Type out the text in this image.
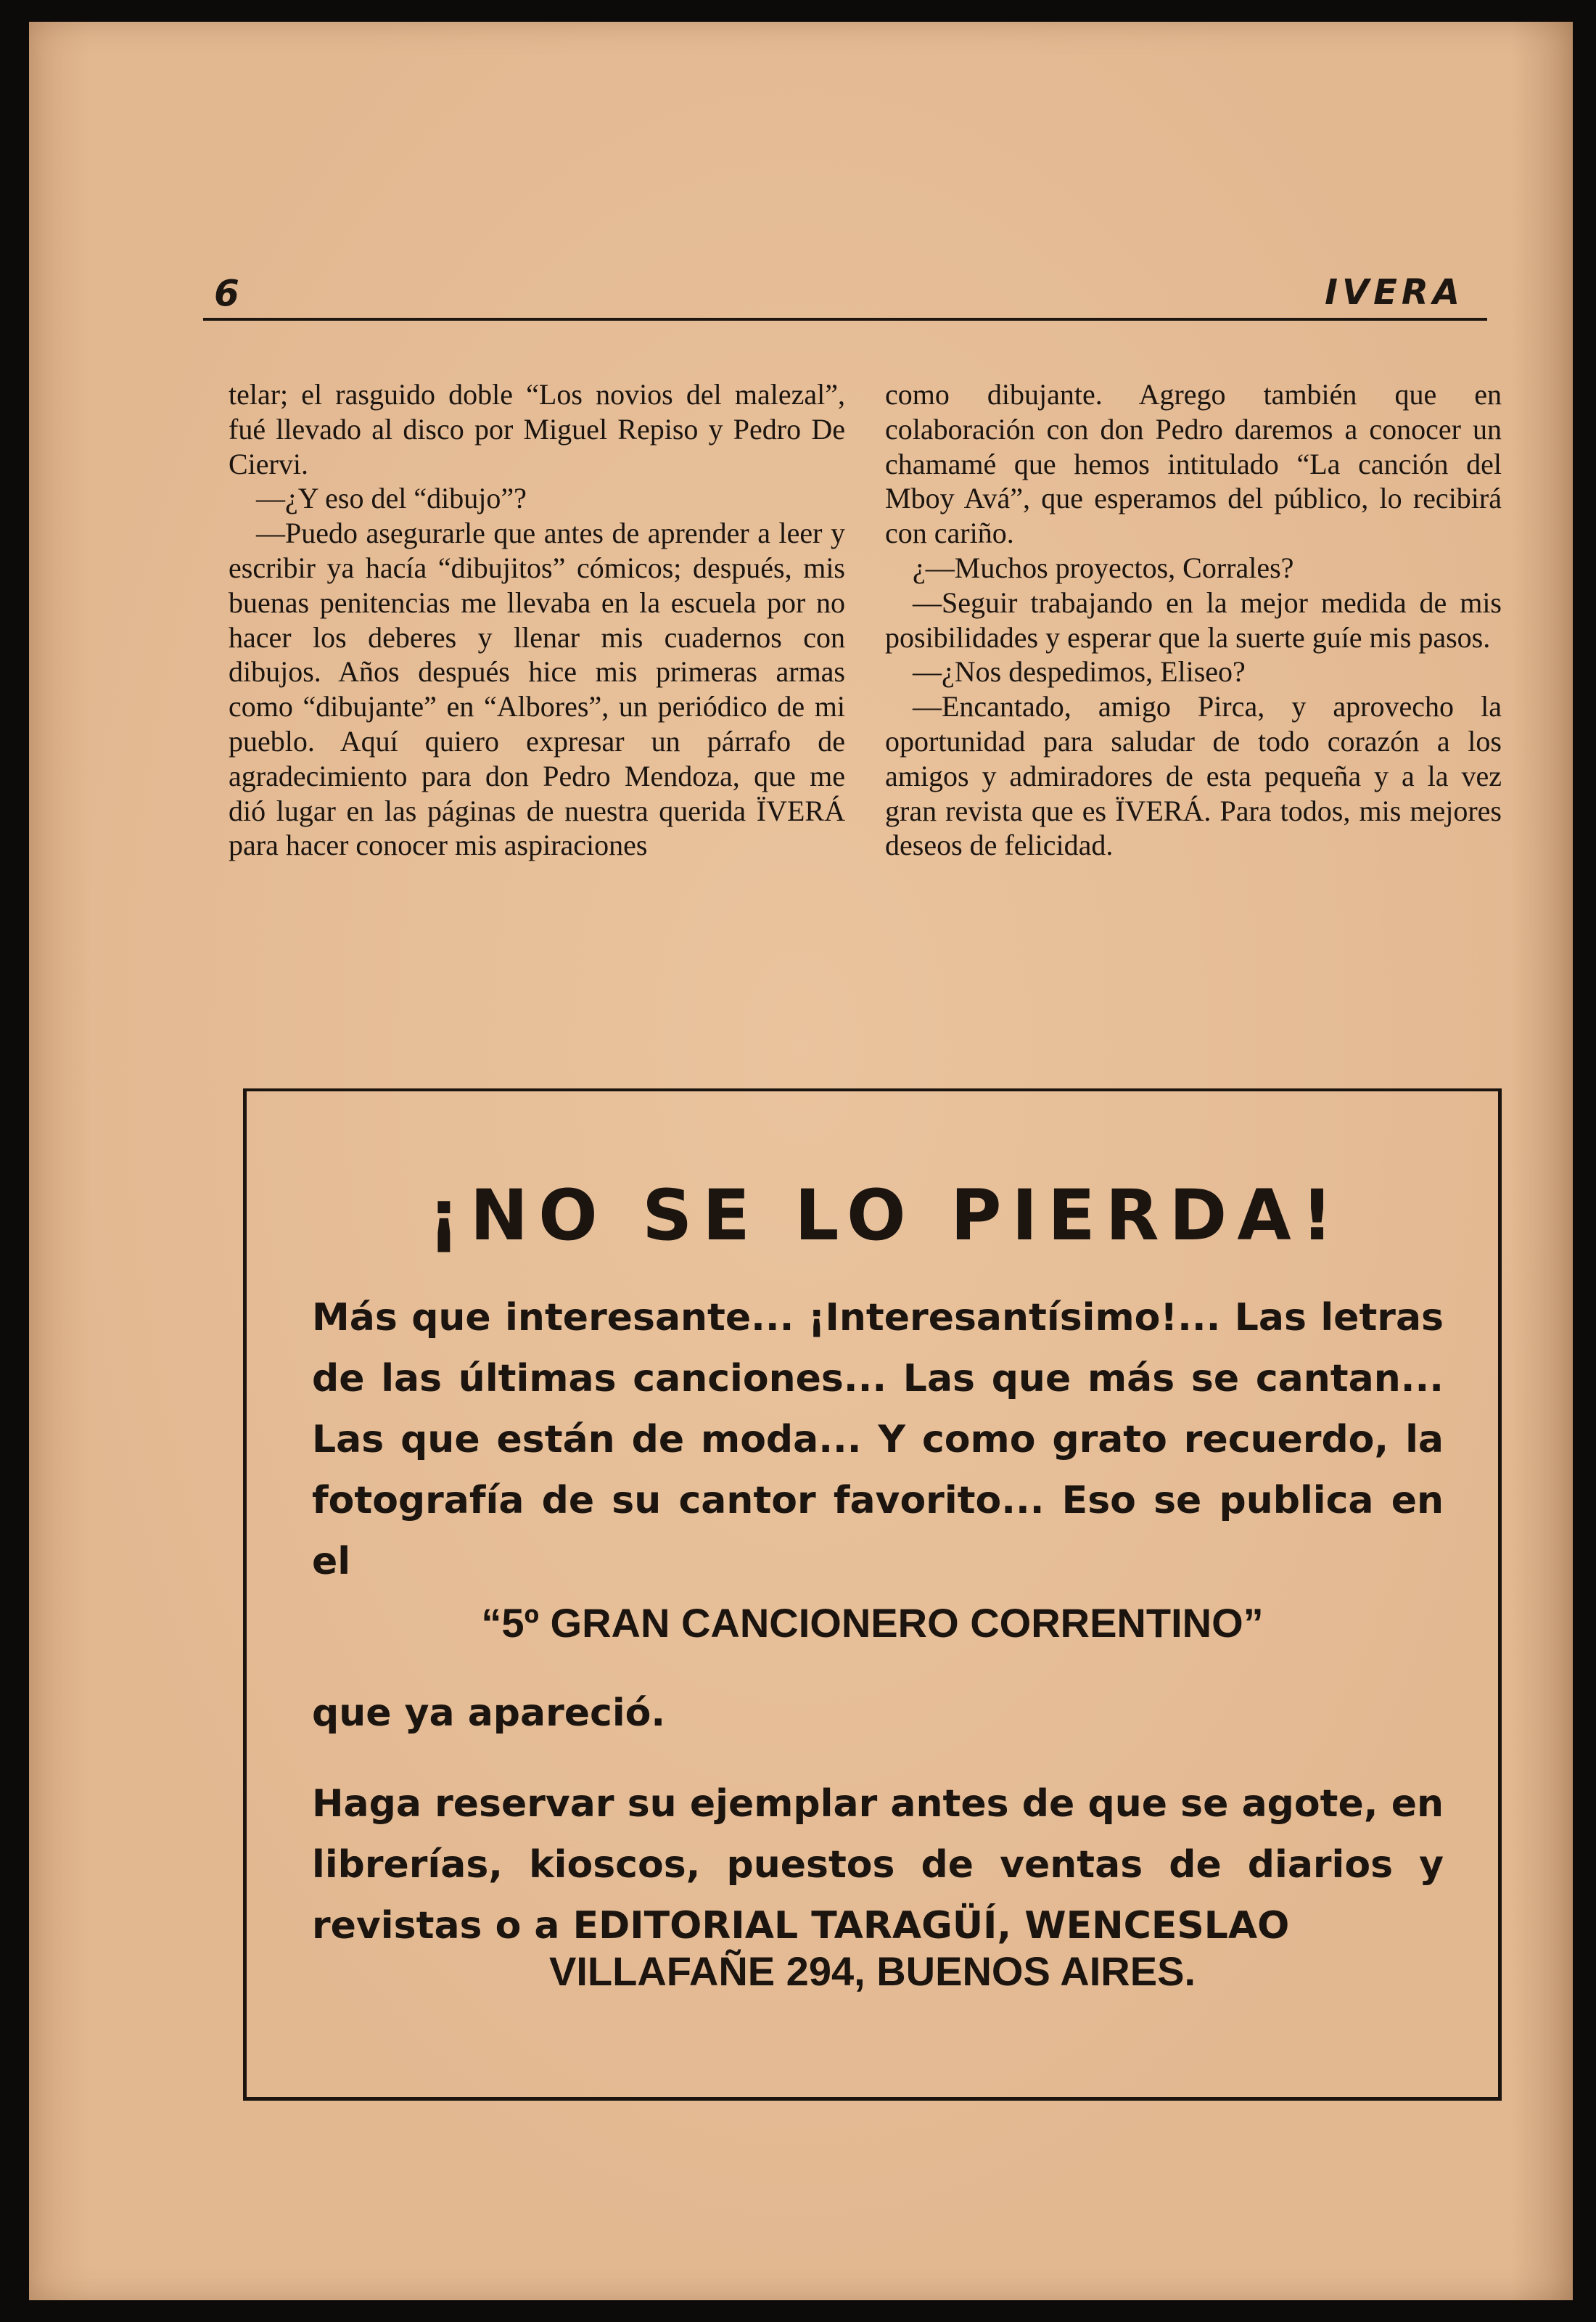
6	IVERA

telar; el rasguido doble “Los novios del malezal”, fué llevado al disco por Miguel Repiso y Pedro De Ciervi.

—¿Y eso del “dibujo”?

—Puedo asegurarle que antes de aprender a leer y escribir ya hacía “dibujitos” cómicos; después, mis buenas penitencias me llevaba en la escuela por no hacer los deberes y llenar mis cuadernos con dibujos. Años después hice mis primeras armas como “dibujante” en “Albores”, un periódico de mi pueblo. Aquí quiero expresar un párrafo de agradecimiento para don Pedro Mendoza, que me dió lugar en las páginas de nuestra querida ÏVERÁ para hacer conocer mis aspiraciones

como dibujante. Agrego también que en colaboración con don Pedro daremos a conocer un chamamé que hemos intitulado “La canción del Mboy Avá”, que esperamos del público, lo recibirá con cariño.

¿—Muchos proyectos, Corrales?

—Seguir trabajando en la mejor medida de mis posibilidades y esperar que la suerte guíe mis pasos.

—¿Nos despedimos, Eliseo?

—Encantado, amigo Pirca, y aprovecho la oportunidad para saludar de todo corazón a los amigos y admiradores de esta pequeña y a la vez gran revista que es ÏVERÁ. Para todos, mis mejores deseos de felicidad.

¡NO SE LO PIERDA!

Más que interesante... ¡Interesantísimo!... Las letras de las últimas canciones... Las que más se cantan... Las que están de moda... Y como grato recuerdo, la fotografía de su cantor favorito... Eso se publica en el

“5º GRAN CANCIONERO CORRENTINO”

que ya apareció.

Haga reservar su ejemplar antes de que se agote, en librerías, kioscos, puestos de ventas de diarios y revistas o a EDITORIAL TARAGÜÍ, WENCESLAO

VILLAFAÑE 294, BUENOS AIRES.
